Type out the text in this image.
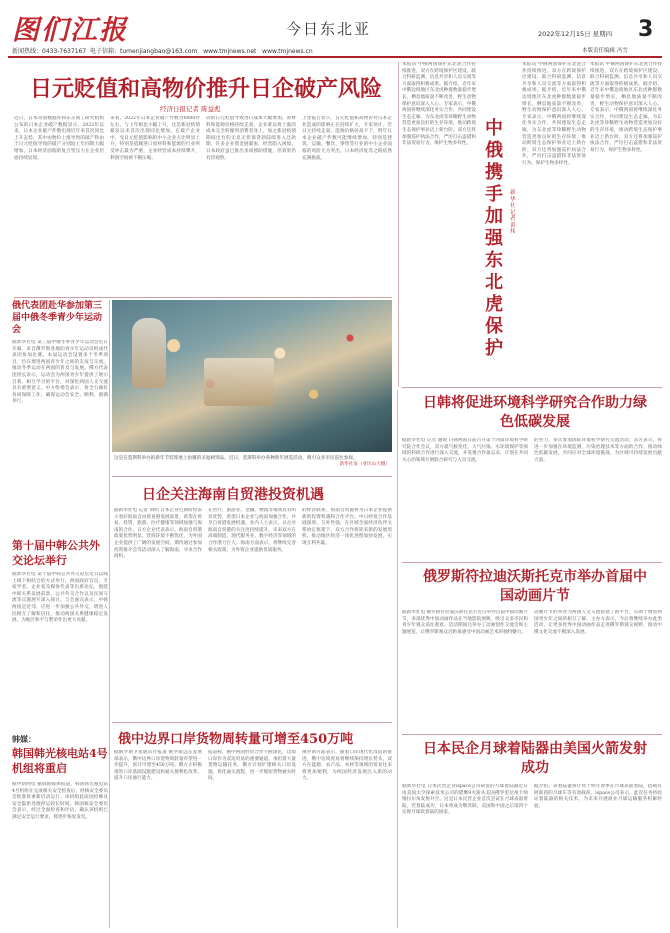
图们江报
新闻热线：0433-7637167 电子信箱：tumenjiangbao@163.com www.tmjnews.net www.tmjnews.cn
今日东北亚	2022年12月15日 星期四 3
本版责任编辑 冯雪
日元贬值和高物价推升日企破产风险
经济日报记者 陈益彪
近日，日本帝国数据库和东京商工研究机构公布的日本企业破产数据显示，2022年以来，日本企业破产件数出现近年来首次同比上升态势，其中由物价上涨导致的破产和由于日元贬值导致的破产分别较上年同期大幅增加，日本经济面临的复合型压力在企业层面持续显现。
来看，2022年日本企业破产件数为6000件左右，与上年相比小幅上升，这是新冠疫情暴发以来首次出现同比增加。在破产企业中，受日元贬值影响的中小企业占比明显上升，特别是依赖进口原材料和能源的行业所受冲击最为严重，企业经营成本持续攀升，利润空间被不断压缩。
动的日元贬值导致进口成本大幅增加，原材料和能源价格持续走高，企业难以将上涨的成本完全转嫁到消费者身上，加之新冠疫情期间出台的无息无担保贷款陆续进入还款期，许多企业资金链紧张，经营陷入困境。日本政府虽已推出多项援助措施，但效果仍有待观察。
上述报告显示，日元贬值和高物价对日本企业造成的影响正在持续扩大，专家预计，若日元持续走弱、能源价格居高不下，明年日本企业破产件数可能继续增加，特别是建筑、运输、餐饮、零售等行业的中小企业面临的风险尤为突出，日本经济复苏之路依然充满挑战。
本报讯 中俄两国保护东北虎合作持续推进，双方在跨境保护区建设、联合科研监测、信息共享和人员交流等方面取得积极成果。据介绍，近年来中俄边境地区东北虎种群数量稳步增长，栖息地质量不断改善，野生动物保护意识深入人心。专家表示，中俄两国将继续深化务实合作，共同建设生态走廊，为东北虎等珍稀野生动物营造更加良好的生存环境，推动跨境生态保护事业迈上新台阶。双方还将加强巡护执法合作，严厉打击盗猎和非法贸易行为，保护生物多样性。
中俄携手加强东北虎保护
新华社记者 黄炜
本报讯 中俄两国保护东北虎合作持续推进，双方在跨境保护区建设、联合科研监测、信息共享和人员交流等方面取得积极成果。据介绍，近年来中俄边境地区东北虎种群数量稳步增长，栖息地质量不断改善，野生动物保护意识深入人心。专家表示，中俄两国将继续深化务实合作，共同建设生态走廊，为东北虎等珍稀野生动物营造更加良好的生存环境，推动跨境生态保护事业迈上新台阶。双方还将加强巡护执法合作，严厉打击盗猎和非法贸易行为，保护生物多样性。
本报讯 中俄两国保护东北虎合作持续推进，双方在跨境保护区建设、联合科研监测、信息共享和人员交流等方面取得积极成果。据介绍，近年来中俄边境地区东北虎种群数量稳步增长，栖息地质量不断改善，野生动物保护意识深入人心。专家表示，中俄两国将继续深化务实合作，共同建设生态走廊，为东北虎等珍稀野生动物营造更加良好的生存环境，推动跨境生态保护事业迈上新台阶。双方还将加强巡护执法合作，严厉打击盗猎和非法贸易行为，保护生物多样性。
俄代表团赴华参加第三届中俄冬季青少年运动会
据新华社电 第三届中俄冬季青少年运动会近日开幕，来自俄罗斯各地的青少年运动员组成代表团参加比赛。本届运动会设置多个冬季项目，旨在增进两国青少年之间的友谊与交流，推动冬季运动在两国的普及与发展。俄方代表团团长表示，运动会为两国青少年提供了展示自我、相互学习的平台，对深化两国人文交流具有重要意义。中方组委会表示，将全力做好各项保障工作，确保运动会安全、顺利、圆满举行。
这是在莫斯科举办的新年节装饰展上拍摄的圣诞树饰品。近日，莫斯科举办各种新年展览活动，吸引众多市民前往参观。
新华社发（亚历山大摄）
第十届中韩公共外交论坛举行
据新华社电 第十届中韩公共外交论坛近日以线上线下相结合的方式举行，两国政府官员、专家学者、企业家及媒体代表等出席论坛，围绕中韩关系发展前景、公共外交合作以及民间交流等议题展开深入探讨。与会嘉宾表示，中韩两国是近邻，应进一步加强公共外交，增进人民相互了解和信任，推动两国关系健康稳定发展，为地区和平与繁荣作出更大贡献。
韩媒：
韩国韩光核电站4号机组将重启
据中新网电 据韩国媒体报道，韩国韩光核电站4号机组在完成相关安全检查后，经核安全委员会批准将重新启动运行。该机组此前因检修及安全隐患处理停运较长时间。韩国核安全委员会表示，经过全面检查和评估，确认该机组已满足安全运行要求，将逐步恢复发电。
日企关注海南自贸港投资机遇
据新华社电 记者 刘明 日本企业近期纷纷表示看好海南自由贸易港发展前景，希望在贸易、投资、旅游、医疗健康等领域加强与海南的合作。日方企业代表表示，海南自贸港政策优势明显、营商环境不断优化，为外国企业提供了广阔的发展空间，期待通过参加投资推介会等活动深入了解海南，寻求合作商机。
在医疗、旅游业、金融、物流等领域具有明显优势，希望日本企业与海南加强合作，共享自贸港发展机遇。业内人士表示，日企对海南自贸港的关注度持续提升，未来双方在高端制造、现代服务业、数字经济等领域的合作潜力巨大。海南方面表示，将继续完善相关政策，为外资企业提供优质服务。
的经济联系，海南自贸港将为日本企业提供新的投资机遇和合作平台。中日经贸合作基础深厚、互补性强，在区域全面经济伙伴关系协定框架下，双方合作将迎来新的发展契机，推动地区经济一体化进程加快发展，实现互利共赢。
俄中边界口岸货物周转量可增至450万吨
据俄罗斯卫星通讯社报道 俄罗斯远东发展部表示，俄中边界口岸货物周转量有望进一步提升，预计可增至450万吨。俄方正积极推进口岸基础设施建设和通关便利化改革，提升口岸通行能力。
报道称，俄中两国经贸合作不断深化，边境口岸作为双边贸易的重要通道，承担着大量货物运输任务。俄方计划扩建相关口岸设施，优化通关流程，进一步缩短货物通关时间。
俄罗斯方面表示，随着口岸现代化改造的推进，俄中边境贸易将继续保持增长势头，双方在能源、农产品、木材等领域的贸易往来将更加便利，为两国经济发展注入新的动力。
日韩将促进环境科学研究合作助力绿色低碳发展
据新华社电 记者 谢锐 日韩两国日前召开第十四届环境科学研究院合作会议，双方就气候变化、大气污染、水环境保护等领域的科研合作进行深入交流，并签署合作备忘录，计划在共同关心的领域开展联合研究与人员交流。
的努力，多次参加国际环境科学研究交流活动，双方表示，将进一步加强在环境监测、污染治理技术等方面的合作，推动绿色低碳发展，共同应对全球环境挑战，为区域可持续发展贡献力量。
俄罗斯符拉迪沃斯托克市举办首届中国动画片节
据新华社电 俄罗斯符拉迪沃斯托克市近日举办首届中国动画片节，多部优秀中国动画作品在当地影院展映，吸引众多市民和青少年观众前往观看。活动期间还举办了动画创作交流会和主题展览，让俄罗斯观众近距离感受中国动画艺术的独特魅力。
动画片节的举办为两国人文交流搭建了新平台，有助于增进两国青少年之间的相互了解。主办方表示，今后将继续举办此类活动，让更多优秀中国动画作品走进俄罗斯观众视野，推动中俄文化交流不断深入发展。
日本民企月球着陆器由美国火箭发射成功
据新华社电 日本民营企业ispace公司研发的月球着陆器近日由美国太空探索技术公司的猎鹰9火箭从美国佛罗里达州卡纳维拉尔角发射升空。这是日本民营企业首次尝试在月球表面着陆，若着陆成功，日本将成为继苏联、美国和中国之后第四个实现月球软着陆的国家。
据介绍，该着陆器预计将于明年春季在月球表面着陆，搭载有阿联酋的月球车等有效载荷。ispace公司表示，此次任务将验证着陆器的相关技术，为未来开展商业月球运输服务积累经验。
